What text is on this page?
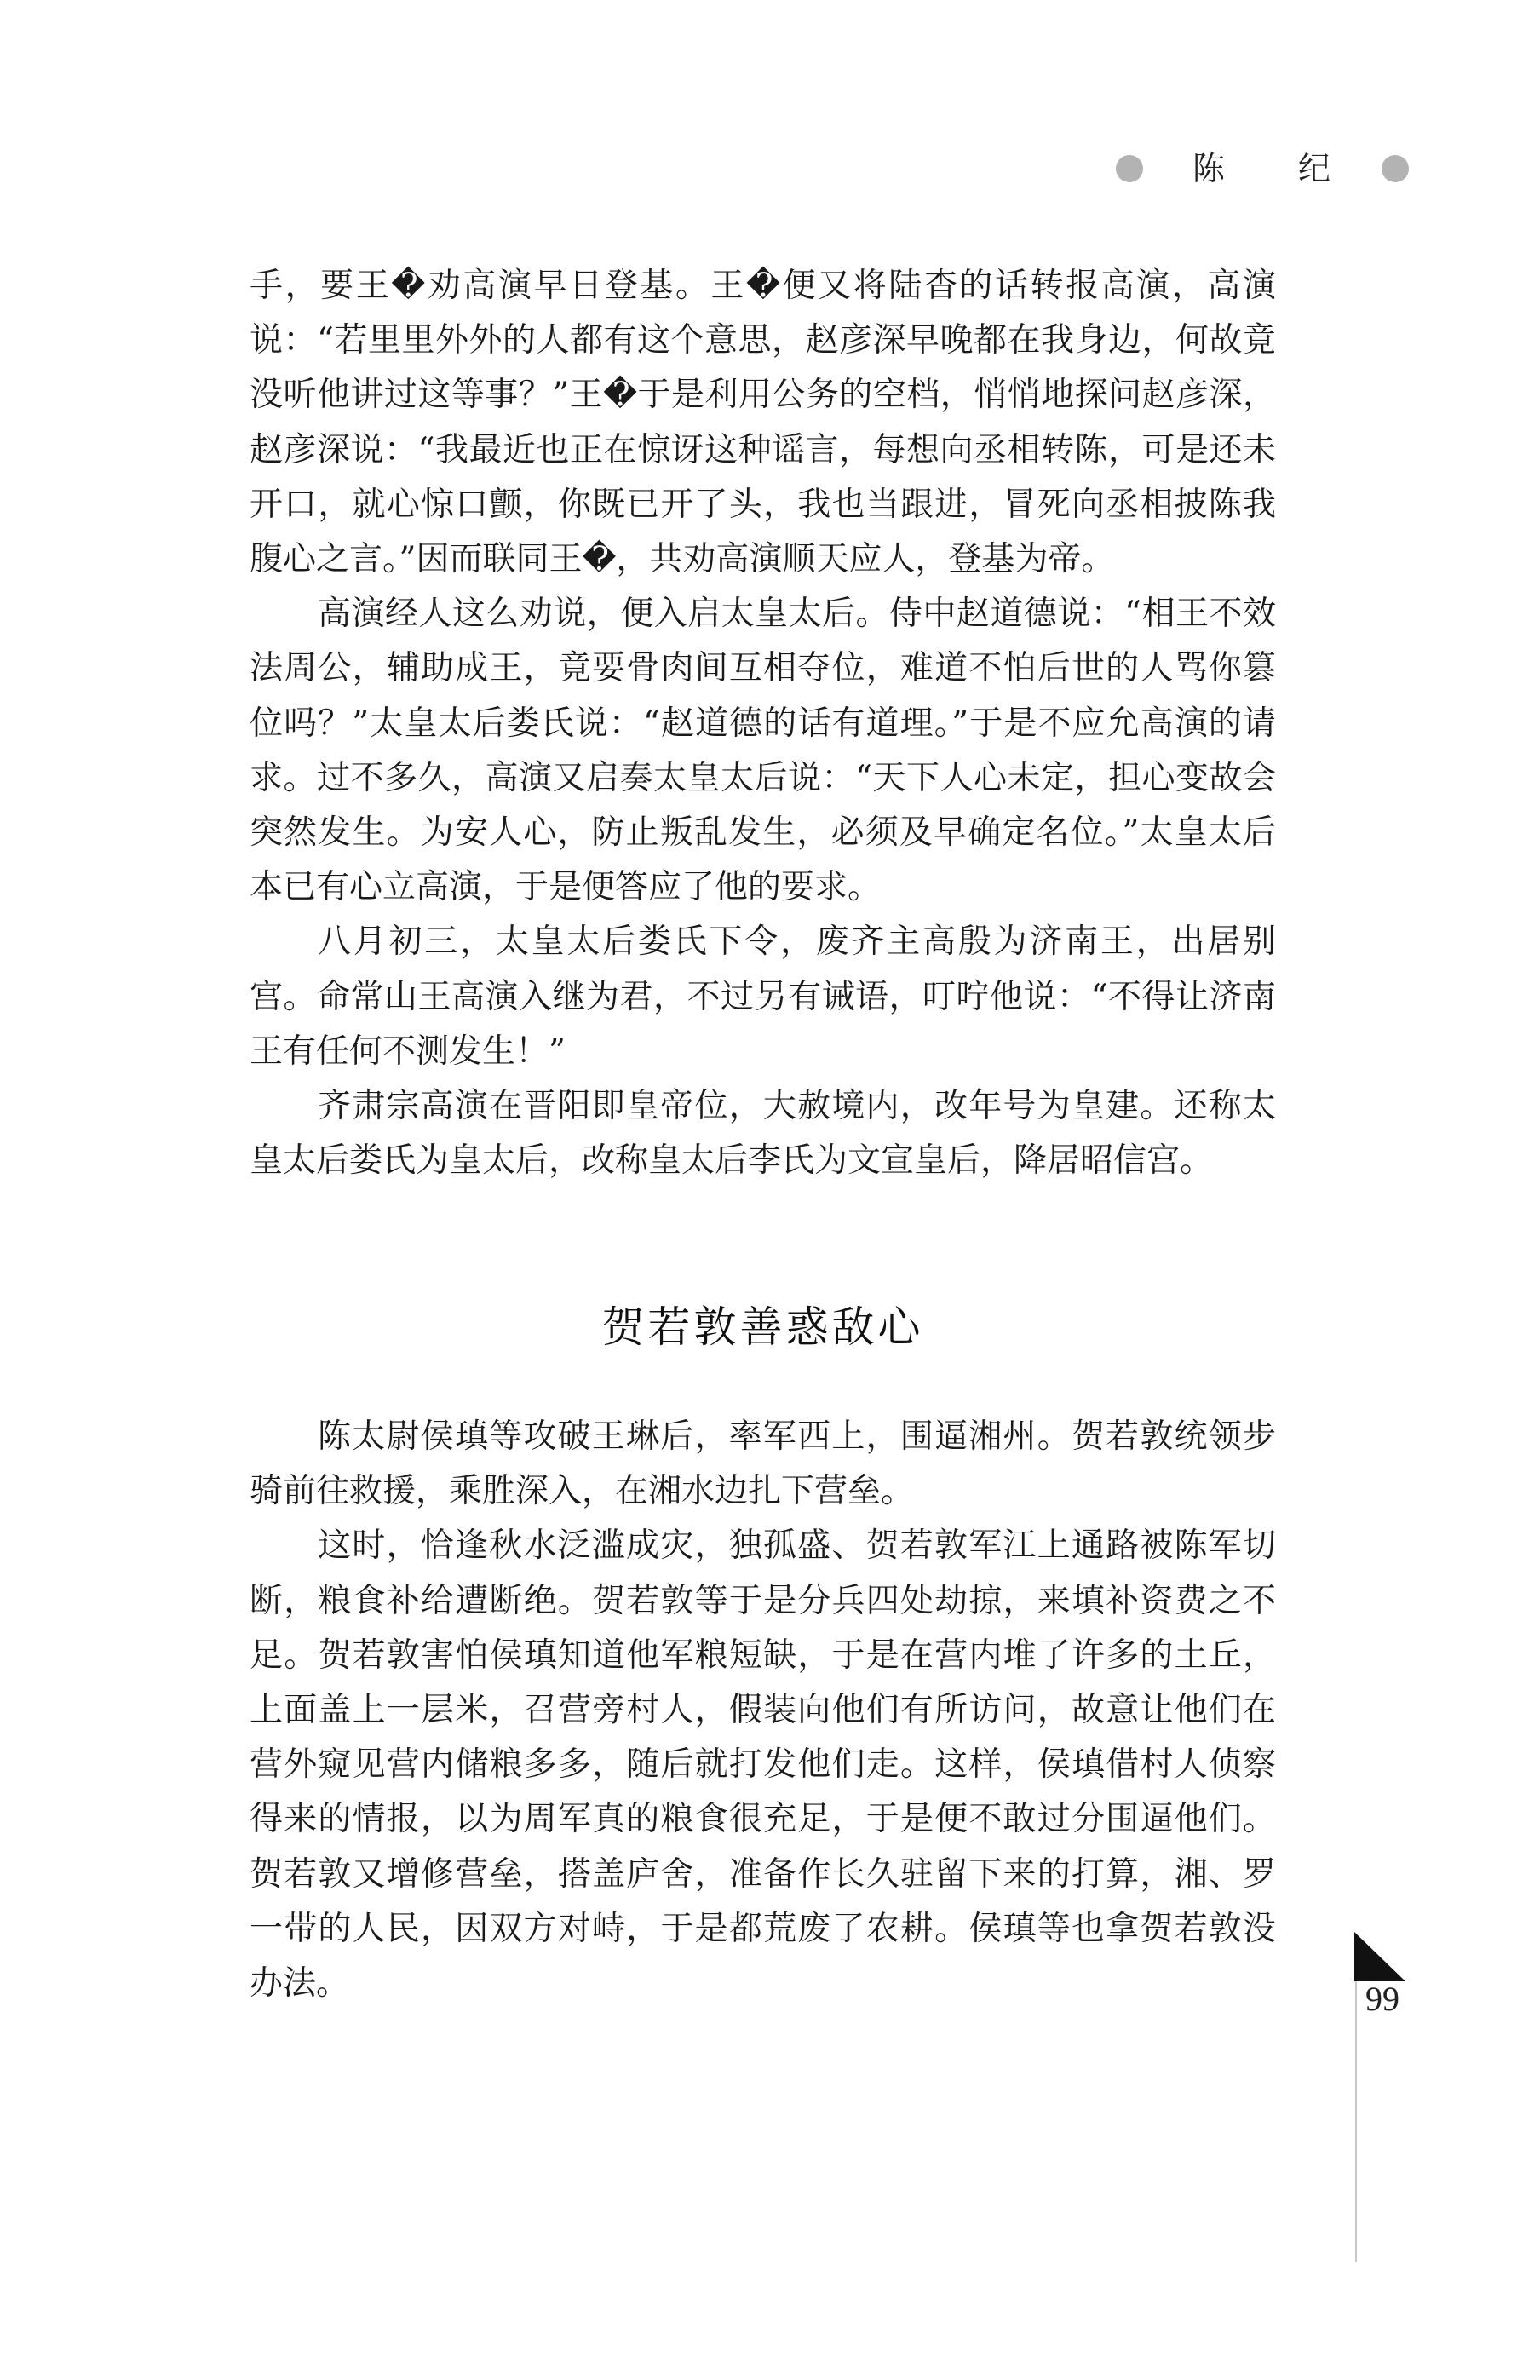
陈 纪

手，要王�劝高演早日登基。王�便又将陆杳的话转报高演，高演说：“若里里外外的人都有这个意思，赵彦深早晚都在我身边，何故竟没听他讲过这等事？”王�于是利用公务的空档，悄悄地探问赵彦深，赵彦深说：“我最近也正在惊讶这种谣言，每想向丞相转陈，可是还未开口，就心惊口颤，你既已开了头，我也当跟进，冒死向丞相披陈我腹心之言。”因而联同王�，共劝高演顺天应人，登基为帝。

高演经人这么劝说，便入启太皇太后。侍中赵道德说：“相王不效法周公，辅助成王，竟要骨肉间互相夺位，难道不怕后世的人骂你篡位吗？”太皇太后娄氏说：“赵道德的话有道理。”于是不应允高演的请求。过不多久，高演又启奏太皇太后说：“天下人心未定，担心变故会突然发生。为安人心，防止叛乱发生，必须及早确定名位。”太皇太后本已有心立高演，于是便答应了他的要求。

八月初三，太皇太后娄氏下令，废齐主高殷为济南王，出居别宫。命常山王高演入继为君，不过另有诫语，叮咛他说：“不得让济南王有任何不测发生！”

齐肃宗高演在晋阳即皇帝位，大赦境内，改年号为皇建。还称太皇太后娄氏为皇太后，改称皇太后李氏为文宣皇后，降居昭信宫。

贺若敦善惑敌心

陈太尉侯瑱等攻破王琳后，率军西上，围逼湘州。贺若敦统领步骑前往救援，乘胜深入，在湘水边扎下营垒。

这时，恰逢秋水泛滥成灾，独孤盛、贺若敦军江上通路被陈军切断，粮食补给遭断绝。贺若敦等于是分兵四处劫掠，来填补资费之不足。贺若敦害怕侯瑱知道他军粮短缺，于是在营内堆了许多的土丘，上面盖上一层米，召营旁村人，假装向他们有所访问，故意让他们在营外窥见营内储粮多多，随后就打发他们走。这样，侯瑱借村人侦察得来的情报，以为周军真的粮食很充足，于是便不敢过分围逼他们。贺若敦又增修营垒，搭盖庐舍，准备作长久驻留下来的打算，湘、罗一带的人民，因双方对峙，于是都荒废了农耕。侯瑱等也拿贺若敦没办法。	99
